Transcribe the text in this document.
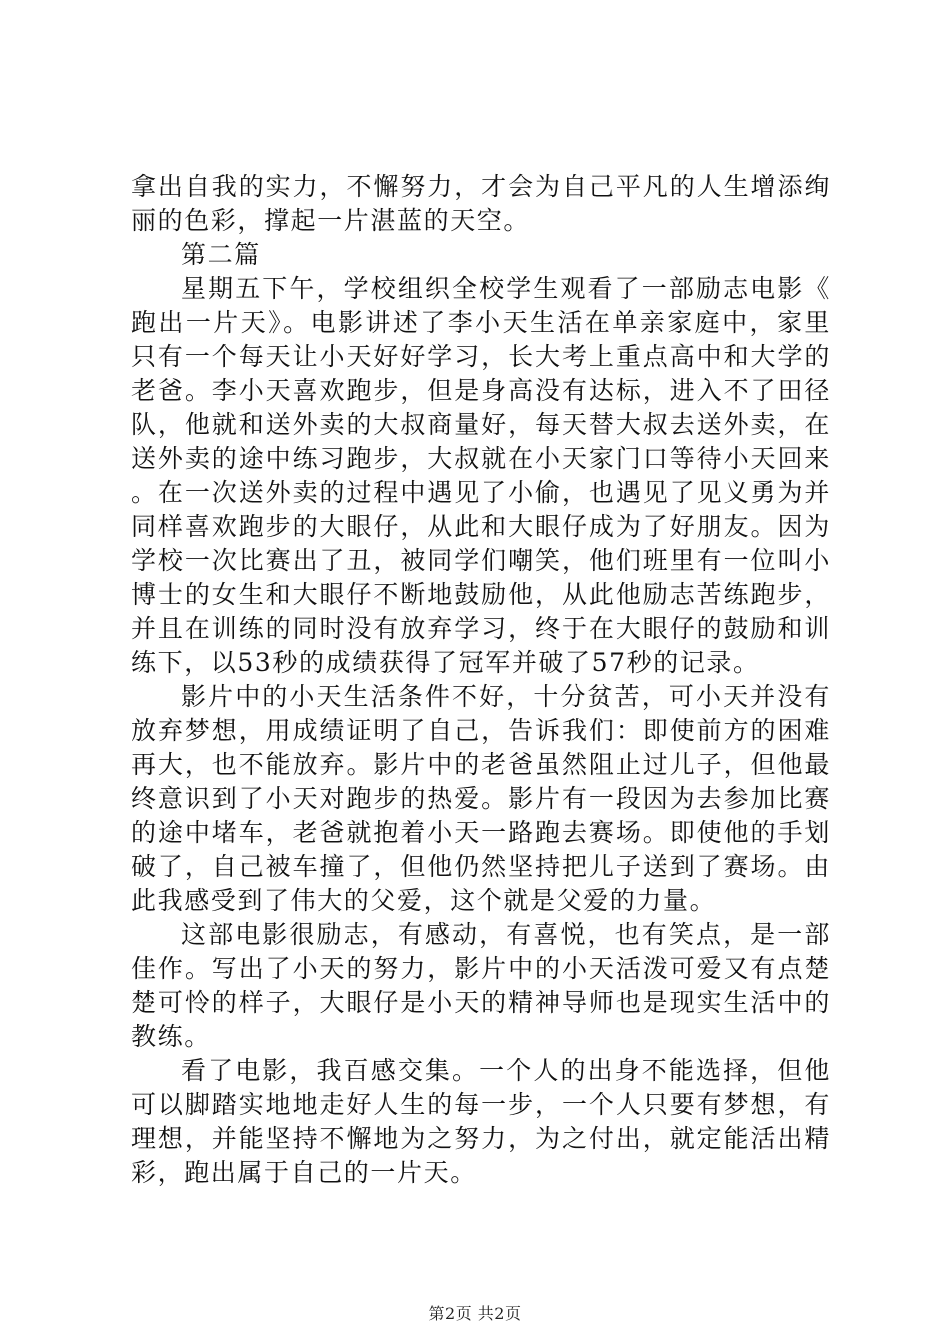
拿出自我的实力，不懈努力，才会为自己平凡的人生增添绚丽的色彩，撑起一片湛蓝的天空。

第二篇

星期五下午，学校组织全校学生观看了一部励志电影《跑出一片天》。电影讲述了李小天生活在单亲家庭中，家里只有一个每天让小天好好学习，长大考上重点高中和大学的老爸。李小天喜欢跑步，但是身高没有达标，进入不了田径队，他就和送外卖的大叔商量好，每天替大叔去送外卖，在送外卖的途中练习跑步，大叔就在小天家门口等待小天回来。在一次送外卖的过程中遇见了小偷，也遇见了见义勇为并同样喜欢跑步的大眼仔，从此和大眼仔成为了好朋友。因为学校一次比赛出了丑，被同学们嘲笑，他们班里有一位叫小博士的女生和大眼仔不断地鼓励他，从此他励志苦练跑步，并且在训练的同时没有放弃学习，终于在大眼仔的鼓励和训练下，以53秒的成绩获得了冠军并破了57秒的记录。

影片中的小天生活条件不好，十分贫苦，可小天并没有放弃梦想，用成绩证明了自己，告诉我们：即使前方的困难再大，也不能放弃。影片中的老爸虽然阻止过儿子，但他最终意识到了小天对跑步的热爱。影片有一段因为去参加比赛的途中堵车，老爸就抱着小天一路跑去赛场。即使他的手划破了，自己被车撞了，但他仍然坚持把儿子送到了赛场。由此我感受到了伟大的父爱，这个就是父爱的力量。

这部电影很励志，有感动，有喜悦，也有笑点，是一部佳作。写出了小天的努力，影片中的小天活泼可爱又有点楚楚可怜的样子，大眼仔是小天的精神导师也是现实生活中的教练。

看了电影，我百感交集。一个人的出身不能选择，但他可以脚踏实地地走好人生的每一步，一个人只要有梦想，有理想，并能坚持不懈地为之努力，为之付出，就定能活出精彩，跑出属于自己的一片天。

第2页 共2页
